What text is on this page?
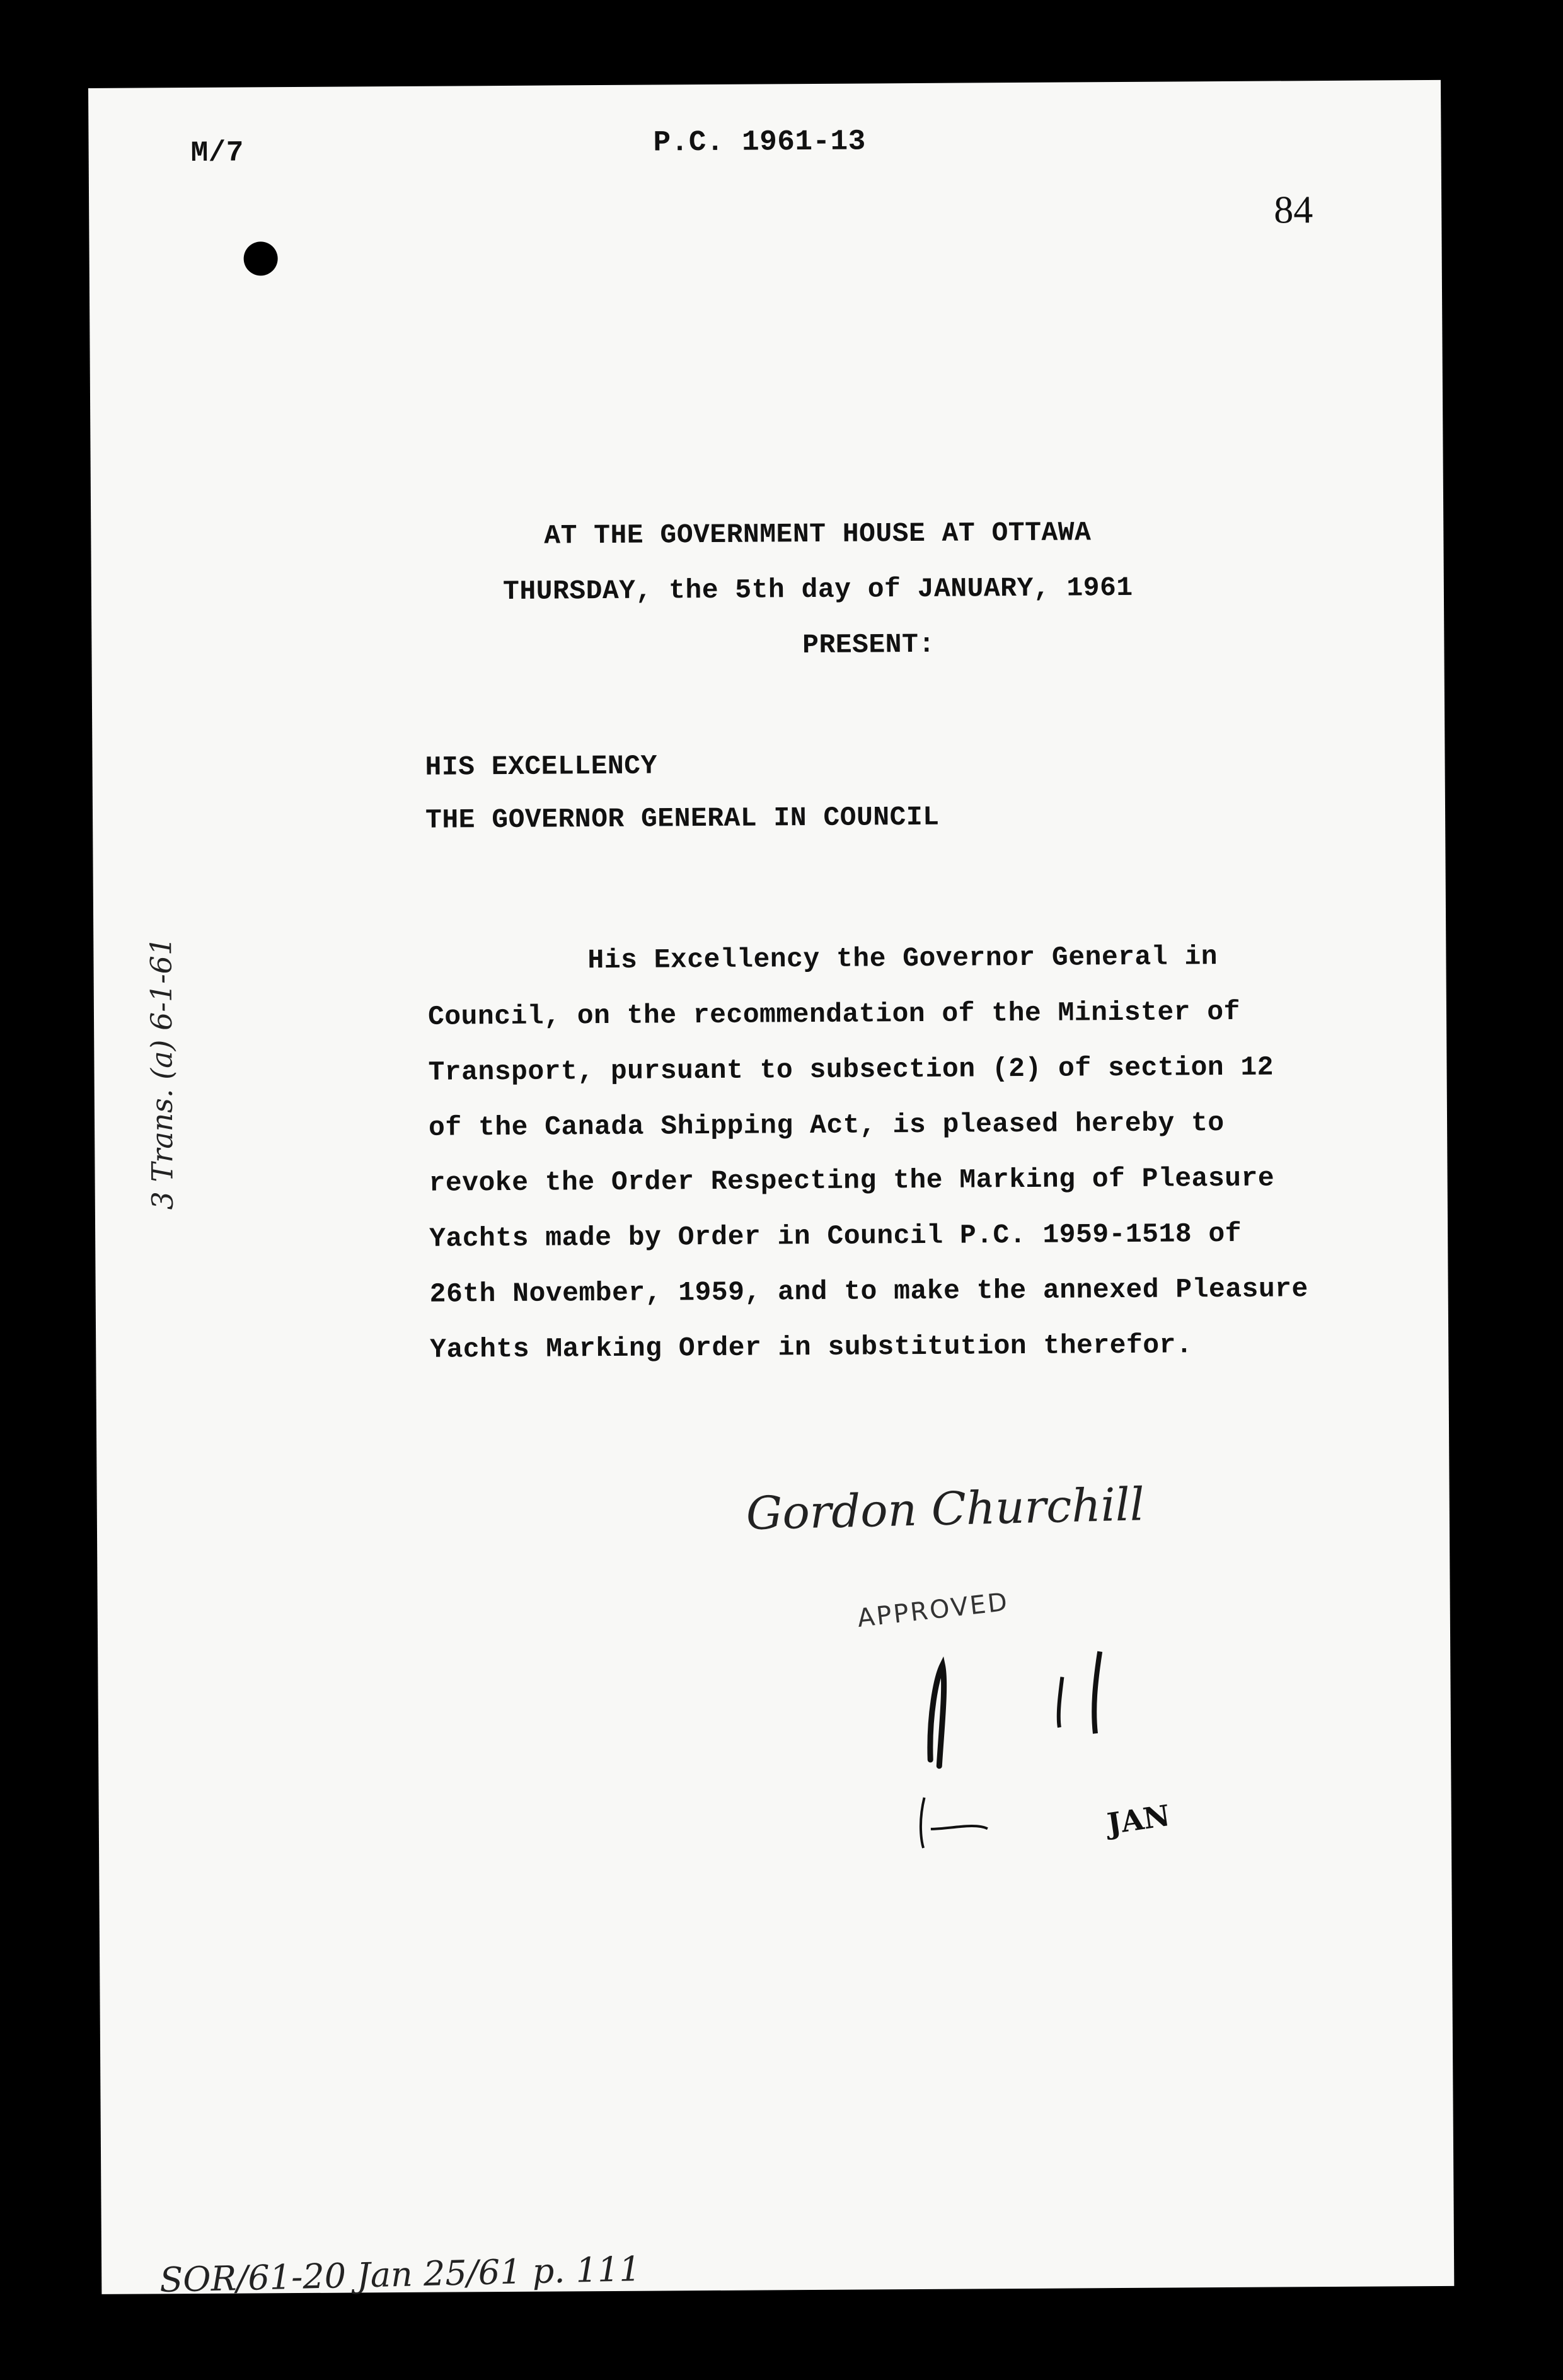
M/7	P.C. 1961-13
84
AT THE GOVERNMENT HOUSE AT OTTAWA
THURSDAY, the 5th day of JANUARY, 1961
PRESENT:
HIS EXCELLENCY
THE GOVERNOR GENERAL IN COUNCIL
His Excellency the Governor General in
Council, on the recommendation of the Minister of
Transport, pursuant to subsection (2) of section 12
of the Canada Shipping Act, is pleased hereby to
revoke the Order Respecting the Marking of Pleasure
Yachts made by Order in Council P.C. 1959-1518 of
26th November, 1959, and to make the annexed Pleasure
Yachts Marking Order in substitution therefor.
Gordon Churchill
APPROVED
JAN
3 Trans. (a) 6-1-61
SOR/61-20 Jan 25/61 p. 111
